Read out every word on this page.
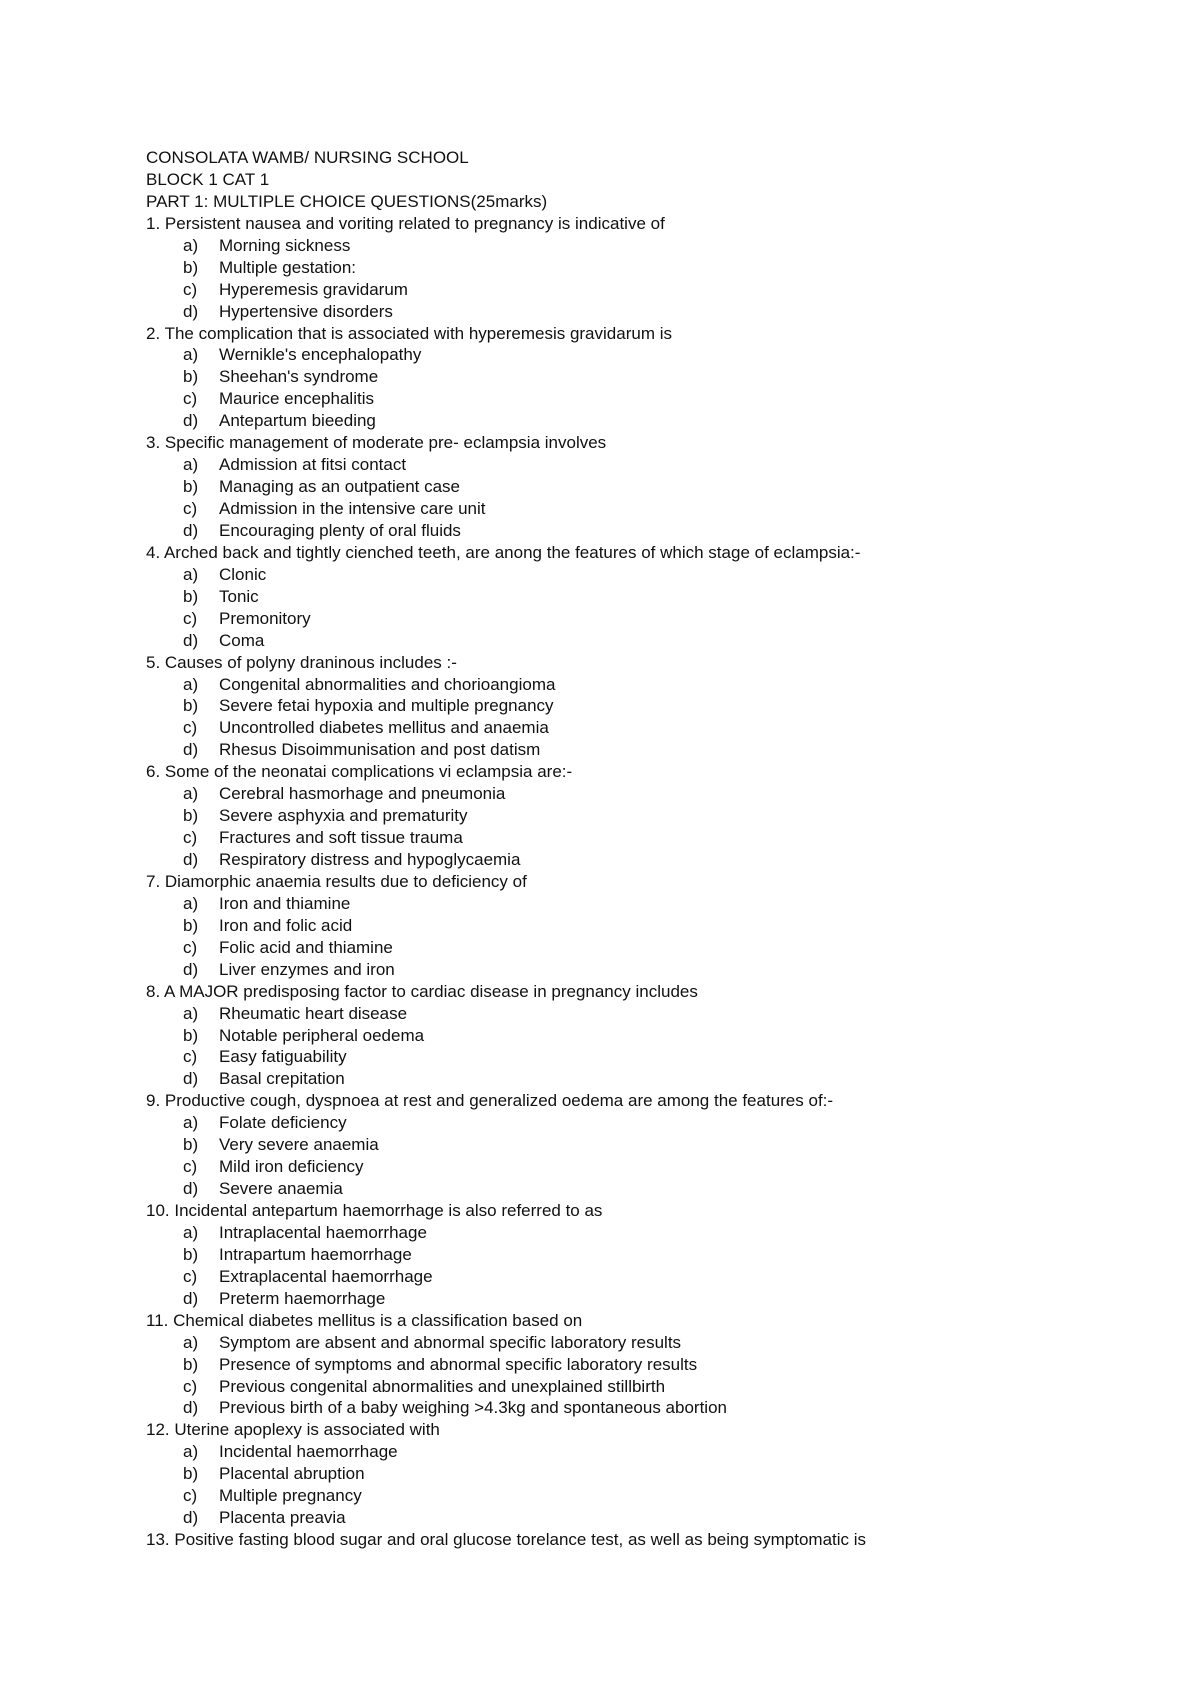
CONSOLATA WAMB/ NURSING SCHOOL
BLOCK 1 CAT 1
PART 1: MULTIPLE CHOICE QUESTIONS(25marks)
1. Persistent nausea and voriting related to pregnancy is indicative of
a) Morning sickness
b) Multiple gestation:
c) Hyperemesis gravidarum
d) Hypertensive disorders
2. The complication that is associated with hyperemesis gravidarum is
a) Wernikle's encephalopathy
b) Sheehan's syndrome
c) Maurice encephalitis
d) Antepartum bieeding
3. Specific management of moderate pre- eclampsia involves
a) Admission at fitsi contact
b) Managing as an outpatient case
c) Admission in the intensive care unit
d) Encouraging plenty of oral fluids
4. Arched back and tightly cienched teeth, are anong the features of which stage of eclampsia:-
a) Clonic
b) Tonic
c) Premonitory
d) Coma
5. Causes of polyny draninous includes :-
a) Congenital abnormalities and chorioangioma
b) Severe fetai hypoxia and multiple pregnancy
c) Uncontrolled diabetes mellitus and anaemia
d) Rhesus Disoimmunisation and post datism
6. Some of the neonatai complications vi eclampsia are:-
a) Cerebral hasmorhage and pneumonia
b) Severe asphyxia and prematurity
c) Fractures and soft tissue trauma
d) Respiratory distress and hypoglycaemia
7. Diamorphic anaemia results due to deficiency of
a) Iron and thiamine
b) Iron and folic acid
c) Folic acid and thiamine
d) Liver enzymes and iron
8. A MAJOR predisposing factor to cardiac disease in pregnancy includes
a) Rheumatic heart disease
b) Notable peripheral oedema
c) Easy fatiguability
d) Basal crepitation
9. Productive cough, dyspnoea at rest and generalized oedema are among the features of:-
a) Folate deficiency
b) Very severe anaemia
c) Mild iron deficiency
d) Severe anaemia
10. Incidental antepartum haemorrhage is also referred to as
a) Intraplacental haemorrhage
b) Intrapartum haemorrhage
c) Extraplacental haemorrhage
d) Preterm haemorrhage
11. Chemical diabetes mellitus is a classification based on
a) Symptom are absent and abnormal specific laboratory results
b) Presence of symptoms and abnormal specific laboratory results
c) Previous congenital abnormalities and unexplained stillbirth
d) Previous birth of a baby weighing >4.3kg and spontaneous abortion
12. Uterine apoplexy is associated with
a) Incidental haemorrhage
b) Placental abruption
c) Multiple pregnancy
d) Placenta preavia
13. Positive fasting blood sugar and oral glucose torelance test, as well as being symptomatic is
